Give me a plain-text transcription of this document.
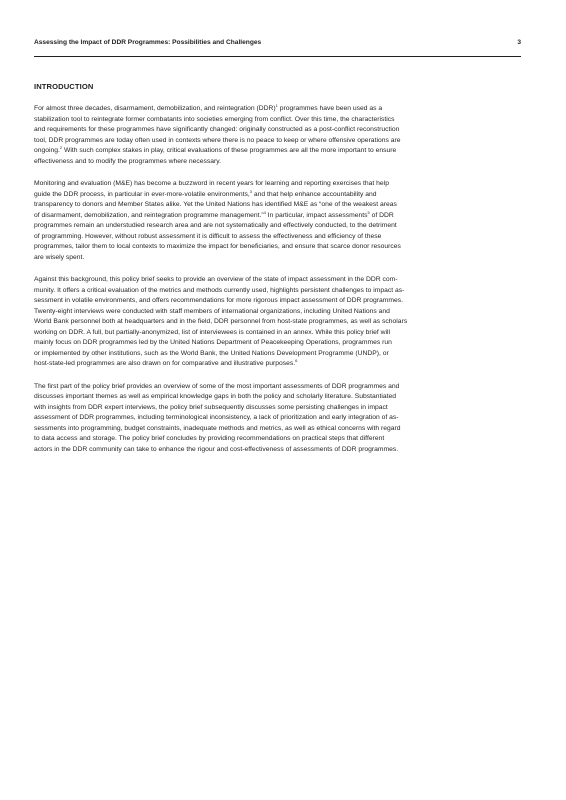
Assessing the Impact of DDR Programmes: Possibilities and Challenges	3
INTRODUCTION
For almost three decades, disarmament, demobilization, and reintegration (DDR)$^1$ programmes have been used as a
stabilization tool to reintegrate former combatants into societies emerging from conflict. Over this time, the characteristics
and requirements for these programmes have significantly changed: originally constructed as a post-conflict reconstruction
tool, DDR programmes are today often used in contexts where there is no peace to keep or where offensive operations are
ongoing.$^2$ With such complex stakes in play, critical evaluations of these programmes are all the more important to ensure
effectiveness and to modify the programmes where necessary.
Monitoring and evaluation (M&E) has become a buzzword in recent years for learning and reporting exercises that help
guide the DDR process, in particular in ever-more-volatile environments,$^3$ and that help enhance accountability and
transparency to donors and Member States alike. Yet the United Nations has identified M&E as “one of the weakest areas
of disarmament, demobilization, and reintegration programme management.”$^4$ In particular, impact assessments$^5$ of DDR
programmes remain an understudied research area and are not systematically and effectively conducted, to the detriment
of programming. However, without robust assessment it is difficult to assess the effectiveness and efficiency of these
programmes, tailor them to local contexts to maximize the impact for beneficiaries, and ensure that scarce donor resources
are wisely spent.
Against this background, this policy brief seeks to provide an overview of the state of impact assessment in the DDR com-
munity. It offers a critical evaluation of the metrics and methods currently used, highlights persistent challenges to impact as-
sessment in volatile environments, and offers recommendations for more rigorous impact assessment of DDR programmes.
Twenty-eight interviews were conducted with staff members of international organizations, including United Nations and
World Bank personnel both at headquarters and in the field, DDR personnel from host-state programmes, as well as scholars
working on DDR. A full, but partially-anonymized, list of interviewees is contained in an annex. While this policy brief will
mainly focus on DDR programmes led by the United Nations Department of Peacekeeping Operations, programmes run
or implemented by other institutions, such as the World Bank, the United Nations Development Programme (UNDP), or
host-state-led programmes are also drawn on for comparative and illustrative purposes.$^6$
The first part of the policy brief provides an overview of some of the most important assessments of DDR programmes and
discusses important themes as well as empirical knowledge gaps in both the policy and scholarly literature. Substantiated
with insights from DDR expert interviews, the policy brief subsequently discusses some persisting challenges in impact
assessment of DDR programmes, including terminological inconsistency, a lack of prioritization and early integration of as-
sessments into programming, budget constraints, inadequate methods and metrics, as well as ethical concerns with regard
to data access and storage. The policy brief concludes by providing recommendations on practical steps that different
actors in the DDR community can take to enhance the rigour and cost-effectiveness of assessments of DDR programmes.
